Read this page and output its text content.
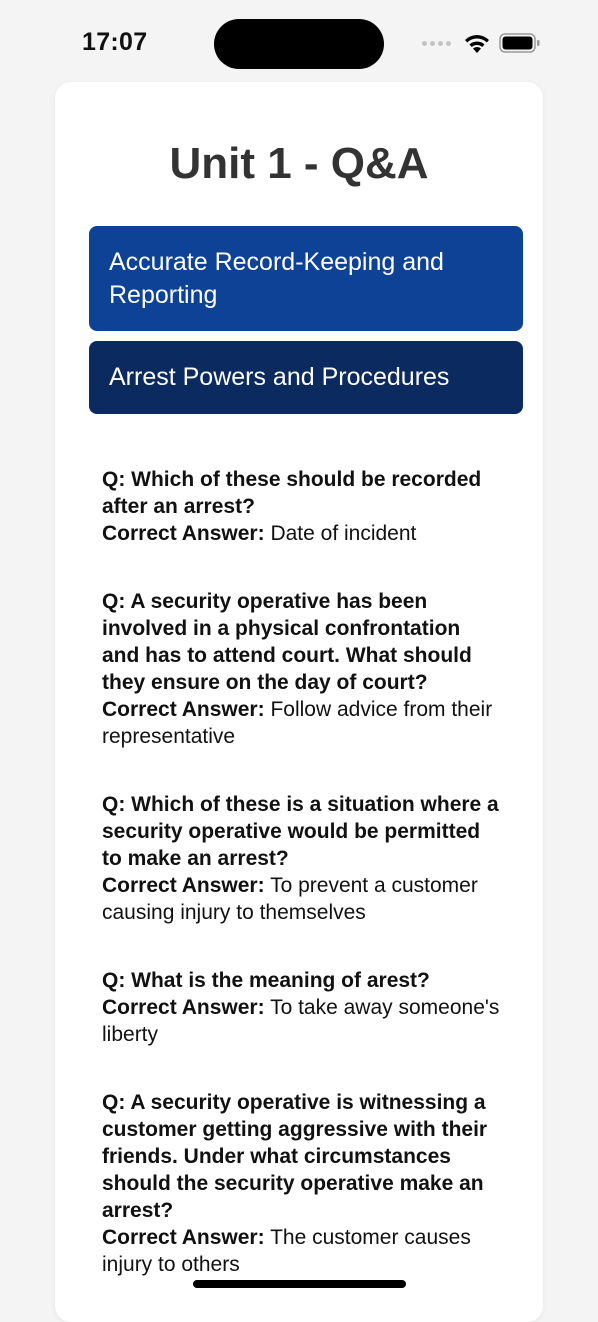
17:07
Unit 1 - Q&A
Accurate Record-Keeping and Reporting
Arrest Powers and Procedures
Q: Which of these should be recorded after an arrest?
Correct Answer: Date of incident
Q: A security operative has been involved in a physical confrontation and has to attend court. What should they ensure on the day of court?
Correct Answer: Follow advice from their representative
Q: Which of these is a situation where a security operative would be permitted to make an arrest?
Correct Answer: To prevent a customer causing injury to themselves
Q: What is the meaning of arest?
Correct Answer: To take away someone's liberty
Q: A security operative is witnessing a customer getting aggressive with their friends. Under what circumstances should the security operative make an arrest?
Correct Answer: The customer causes injury to others
